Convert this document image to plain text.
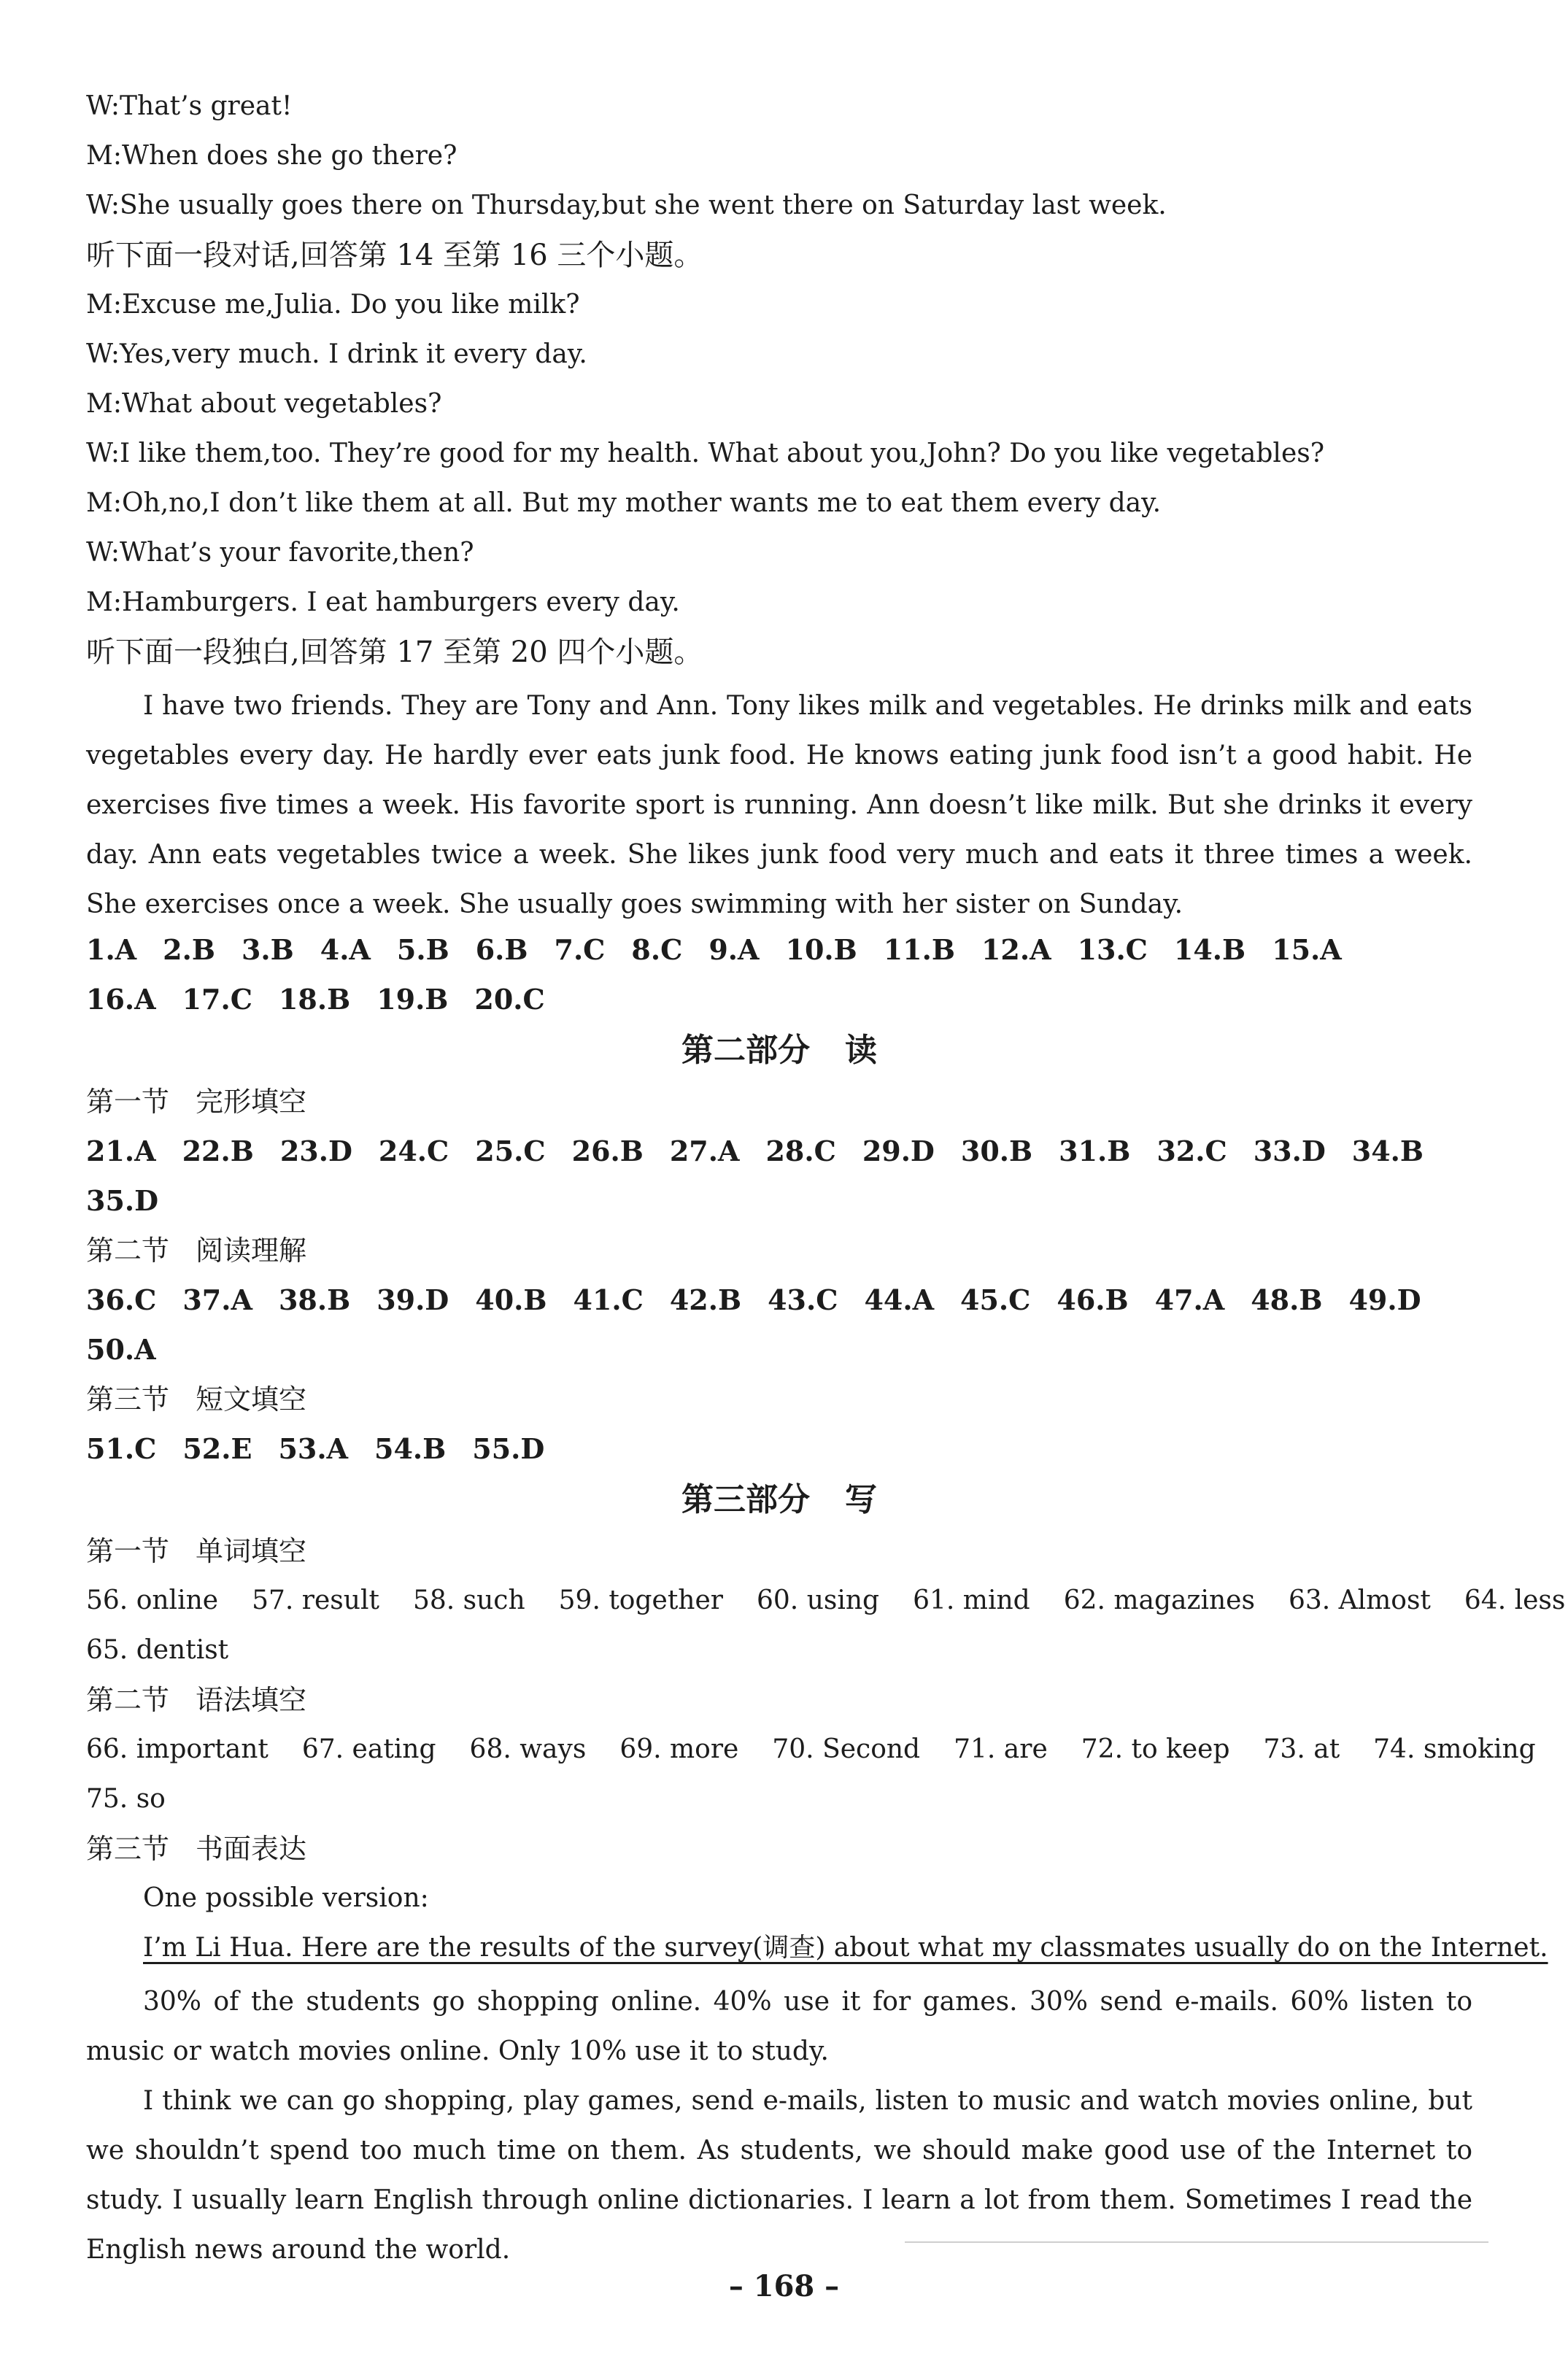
W:That’s great!
M:When does she go there?
W:She usually goes there on Thursday,but she went there on Saturday last week.
听下面一段对话,回答第 14 至第 16 三个小题。
M:Excuse me,Julia. Do you like milk?
W:Yes,very much. I drink it every day.
M:What about vegetables?
W:I like them,too. They’re good for my health. What about you,John? Do you like vegetables?
M:Oh,no,I don’t like them at all. But my mother wants me to eat them every day.
W:What’s your favorite,then?
M:Hamburgers. I eat hamburgers every day.
听下面一段独白,回答第 17 至第 20 四个小题。

I have two friends. They are Tony and Ann. Tony likes milk and vegetables. He drinks milk and eats vegetables every day. He hardly ever eats junk food. He knows eating junk food isn’t a good habit. He exercises five times a week. His favorite sport is running. Ann doesn’t like milk. But she drinks it every day. Ann eats vegetables twice a week. She likes junk food very much and eats it three times a week. She exercises once a week. She usually goes swimming with her sister on Sunday.

1.A 2.B 3.B 4.A 5.B 6.B 7.C 8.C 9.A 10.B 11.B 12.A 13.C 14.B 15.A
16.A 17.C 18.B 19.B 20.C
第二部分 读
第一节 完形填空
21.A 22.B 23.D 24.C 25.C 26.B 27.A 28.C 29.D 30.B 31.B 32.C 33.D 34.B
35.D
第二节 阅读理解
36.C 37.A 38.B 39.D 40.B 41.C 42.B 43.C 44.A 45.C 46.B 47.A 48.B 49.D
50.A
第三节 短文填空
51.C 52.E 53.A 54.B 55.D
第三部分 写
第一节 单词填空
56. online 57. result 58. such 59. together 60. using 61. mind 62. magazines 63. Almost 64. less
65. dentist
第二节 语法填空
66. important 67. eating 68. ways 69. more 70. Second 71. are 72. to keep 73. at 74. smoking
75. so
第三节 书面表达
One possible version:
I’m Li Hua. Here are the results of the survey(调查) about what my classmates usually do on the Internet.

30% of the students go shopping online. 40% use it for games. 30% send e-mails. 60% listen to music or watch movies online. Only 10% use it to study.

I think we can go shopping, play games, send e-mails, listen to music and watch movies online, but we shouldn’t spend too much time on them. As students, we should make good use of the Internet to study. I usually learn English through online dictionaries. I learn a lot from them. Sometimes I read the English news around the world.

– 168 –
